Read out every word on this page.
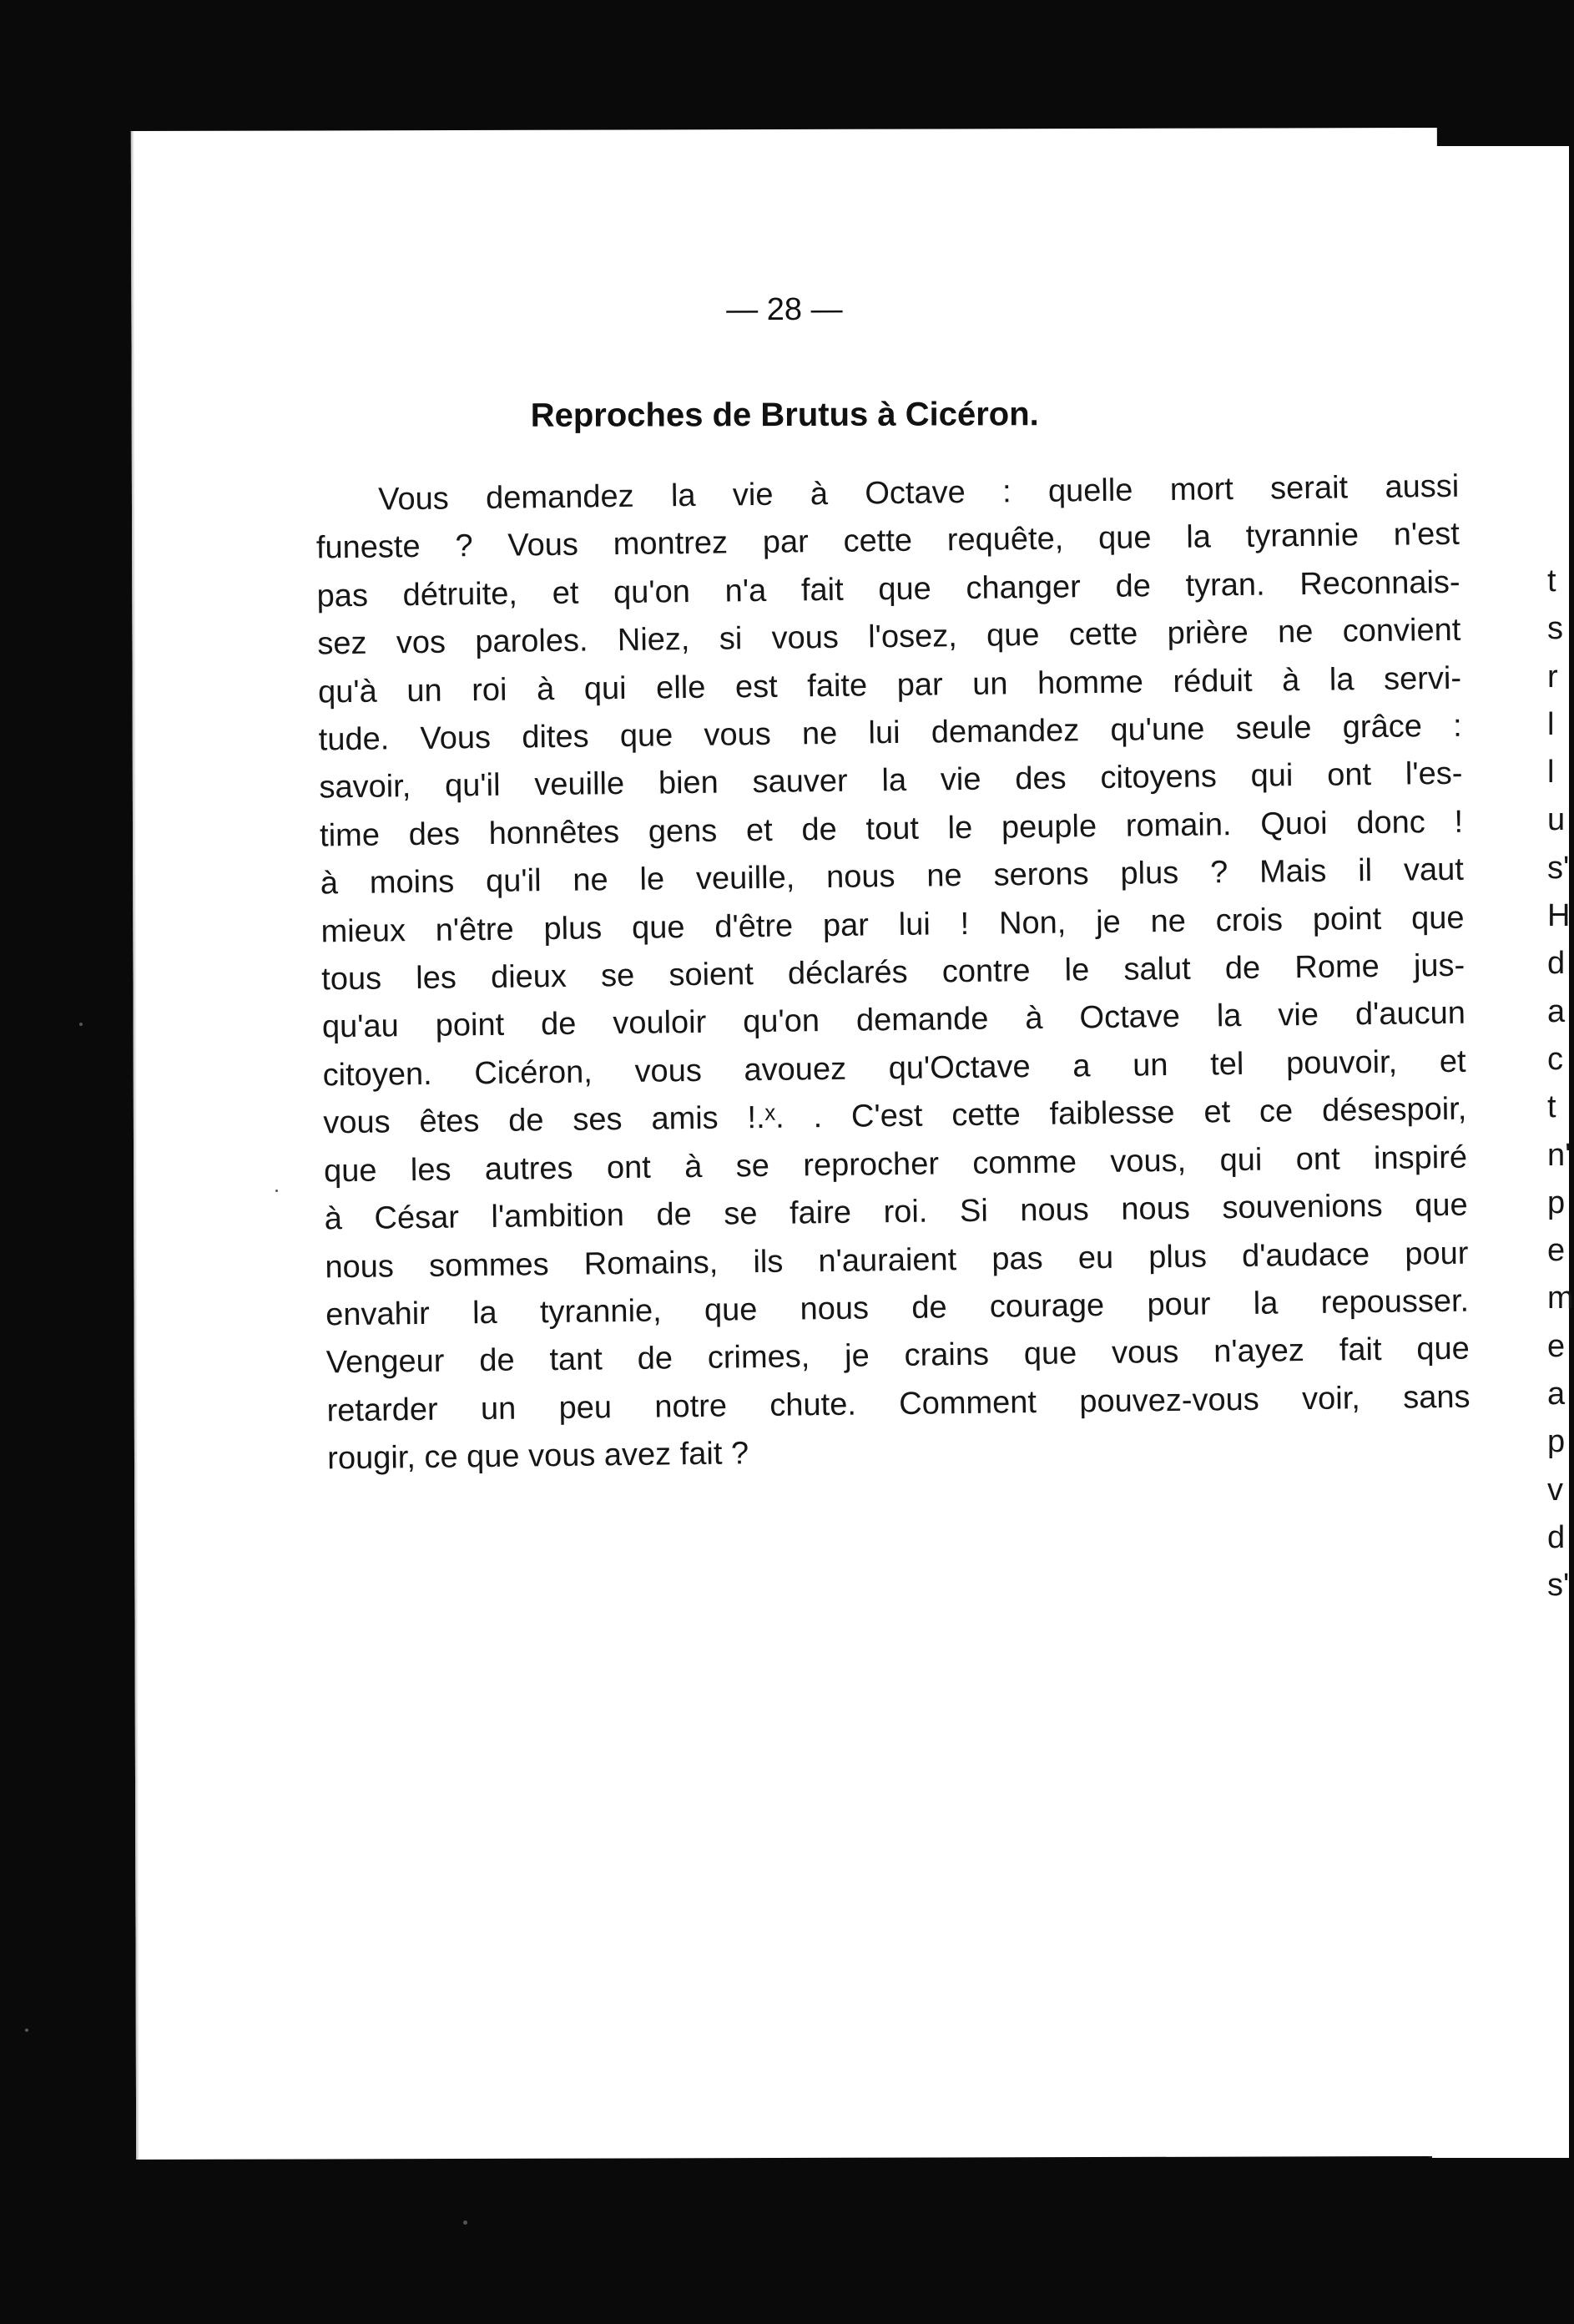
t
s
r
l
l
u
s'
H
d
a
c
t
n'
p
e
m
e
a
p
v
d
s'
— 28 —
Reproches de Brutus à Cicéron.
Vous demandez la vie à Octave : quelle mort serait aussi
funeste ? Vous montrez par cette requête, que la tyrannie n'est
pas détruite, et qu'on n'a fait que changer de tyran. Reconnais-
sez vos paroles. Niez, si vous l'osez, que cette prière ne convient
qu'à un roi à qui elle est faite par un homme réduit à la servi-
tude. Vous dites que vous ne lui demandez qu'une seule grâce :
savoir, qu'il veuille bien sauver la vie des citoyens qui ont l'es-
time des honnêtes gens et de tout le peuple romain. Quoi donc !
à moins qu'il ne le veuille, nous ne serons plus ? Mais il vaut
mieux n'être plus que d'être par lui ! Non, je ne crois point que
tous les dieux se soient déclarés contre le salut de Rome jus-
qu'au point de vouloir qu'on demande à Octave la vie d'aucun
citoyen. Cicéron, vous avouez qu'Octave a un tel pouvoir, et
vous êtes de ses amis !.ˣ. . C'est cette faiblesse et ce désespoir,
que les autres ont à se reprocher comme vous, qui ont inspiré
à César l'ambition de se faire roi. Si nous nous souvenions que
nous sommes Romains, ils n'auraient pas eu plus d'audace pour
envahir la tyrannie, que nous de courage pour la repousser.
Vengeur de tant de crimes, je crains que vous n'ayez fait que
retarder un peu notre chute. Comment pouvez-vous voir, sans
rougir, ce que vous avez fait ?
